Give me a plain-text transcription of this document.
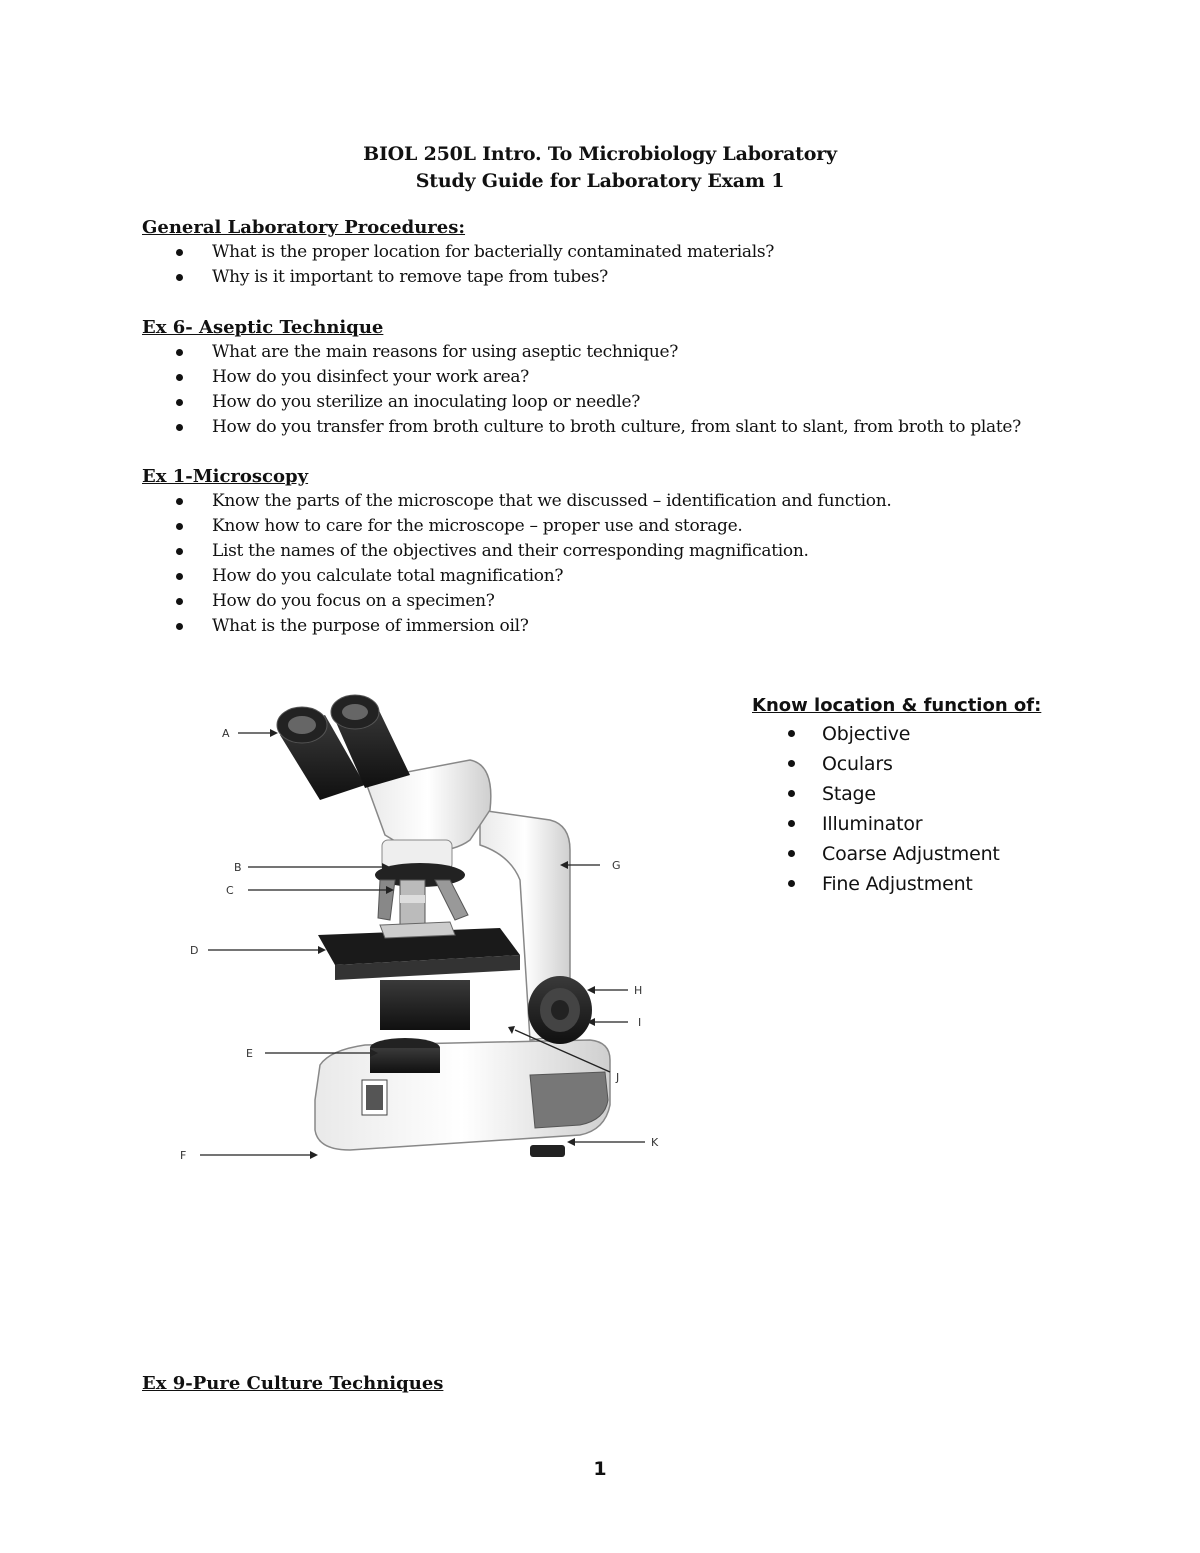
BIOL 250L Intro. To Microbiology Laboratory
Study Guide for Laboratory Exam 1

General Laboratory Procedures:

What is the proper location for bacterially contaminated materials?
Why is it important to remove tape from tubes?

Ex 6- Aseptic Technique

What are the main reasons for using aseptic technique?
How do you disinfect your work area?
How do you sterilize an inoculating loop or needle?
How do you transfer from broth culture to broth culture, from slant to slant, from broth to plate?

Ex 1-Microscopy

Know the parts of the microscope that we discussed – identification and function.
Know how to care for the microscope – proper use and storage.
List the names of the objectives and their corresponding magnification.
How do you calculate total magnification?
How do you focus on a specimen?
What is the purpose of immersion oil?
A
B
C
D
E
F
G
H
I
J
K

Know location & function of:

Objective
Oculars
Stage
Illuminator
Coarse Adjustment
Fine Adjustment

Ex 9-Pure Culture Techniques

1
